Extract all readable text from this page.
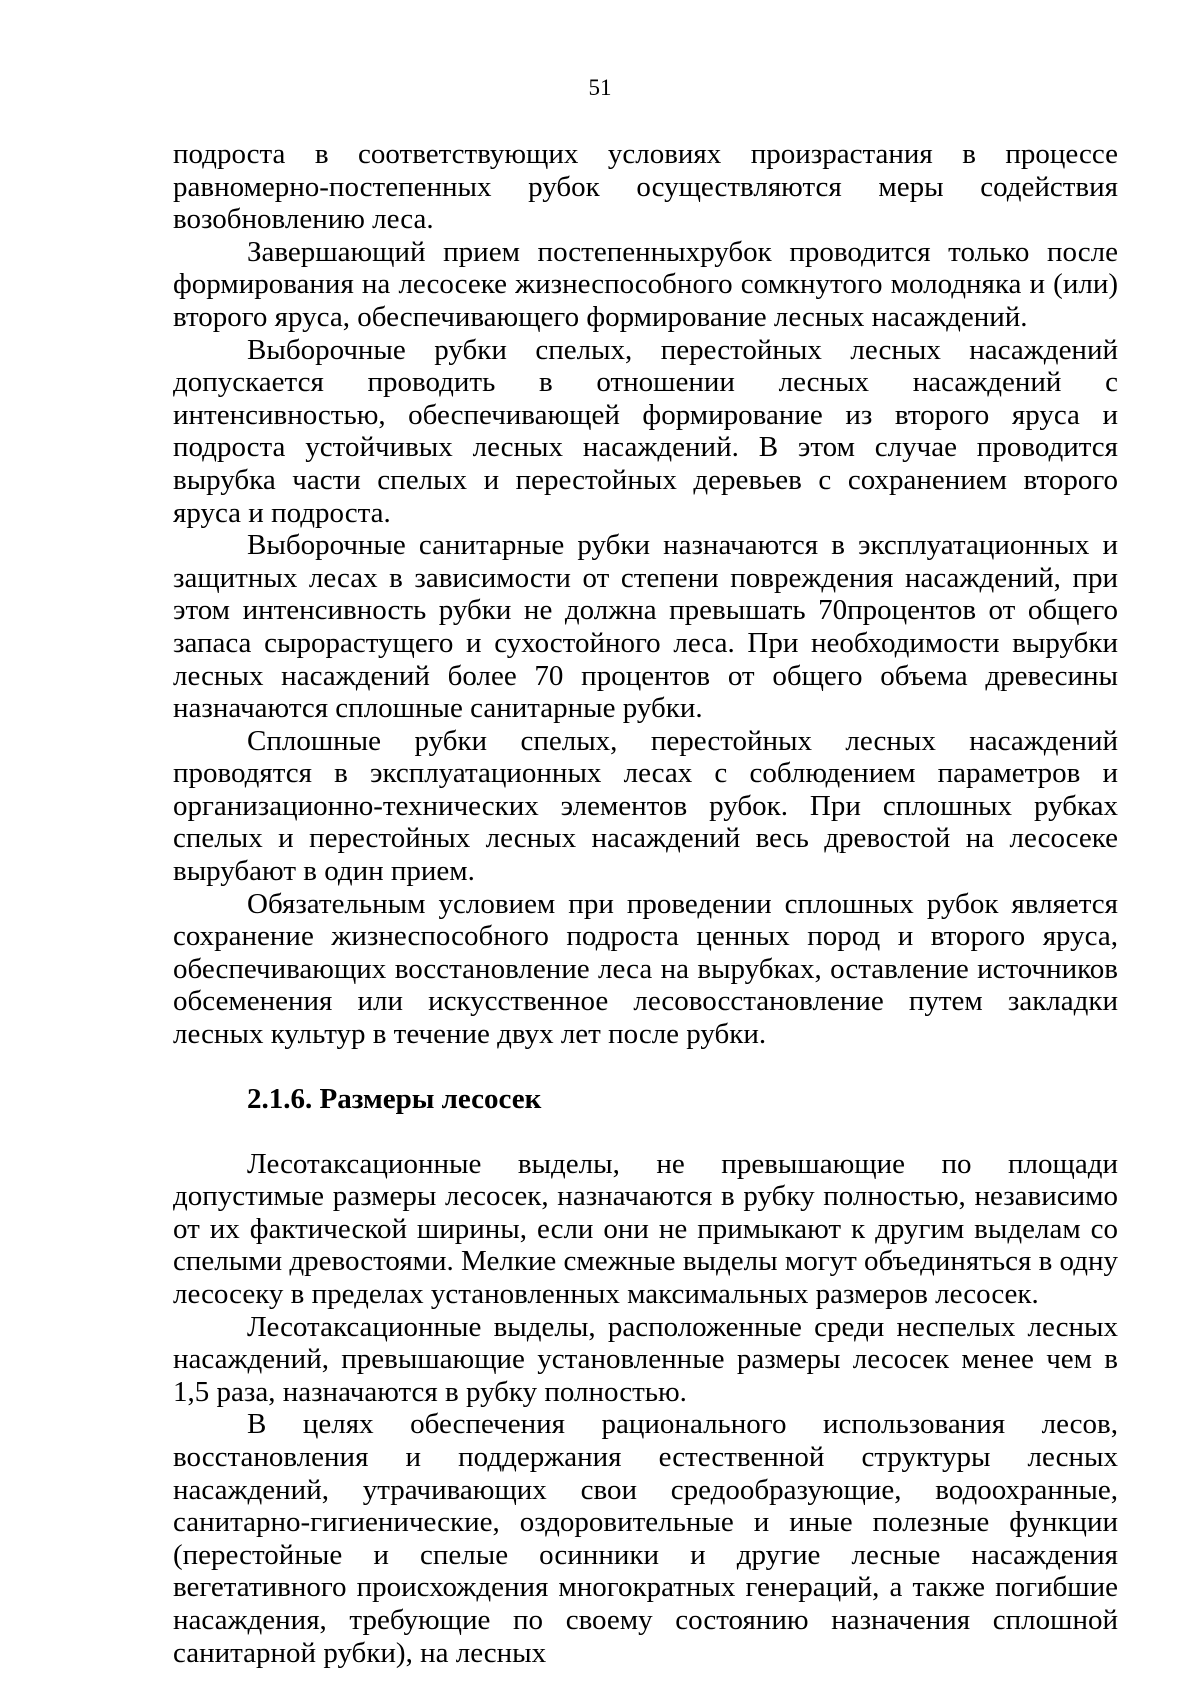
51

подроста в соответствующих условиях произрастания в процессе равномерно-постепенных рубок осуществляются меры содействия возобновлению леса.

Завершающий прием постепенныхрубок проводится только после формирования на лесосеке жизнеспособного сомкнутого молодняка и (или) второго яруса, обеспечивающего формирование лесных насаждений.

Выборочные рубки спелых, перестойных лесных насаждений допускается проводить в отношении лесных насаждений с интенсивностью, обеспечивающей формирование из второго яруса и подроста устойчивых лесных насаждений. В этом случае проводится вырубка части спелых и перестойных деревьев с сохранением второго яруса и подроста.

Выборочные санитарные рубки назначаются в эксплуатационных и защитных лесах в зависимости от степени повреждения насаждений, при этом интенсивность рубки не должна превышать 70процентов от общего запаса сырорастущего и сухостойного леса. При необходимости вырубки лесных насаждений более 70 процентов от общего объема древесины назначаются сплошные санитарные рубки.

Сплошные рубки спелых, перестойных лесных насаждений проводятся в эксплуатационных лесах с соблюдением параметров и организационно-технических элементов рубок. При сплошных рубках спелых и перестойных лесных насаждений весь древостой на лесосеке вырубают в один прием.

Обязательным условием при проведении сплошных рубок является сохранение жизнеспособного подроста ценных пород и второго яруса, обеспечивающих восстановление леса на вырубках, оставление источников обсеменения или искусственное лесовосстановление путем закладки лесных культур в течение двух лет после рубки.

2.1.6. Размеры лесосек

Лесотаксационные выделы, не превышающие по площади допустимые размеры лесосек, назначаются в рубку полностью, независимо от их фактической ширины, если они не примыкают к другим выделам со спелыми древостоями. Мелкие смежные выделы могут объединяться в одну лесосеку в пределах установленных максимальных размеров лесосек.

Лесотаксационные выделы, расположенные среди неспелых лесных насаждений, превышающие установленные размеры лесосек менее чем в 1,5 раза, назначаются в рубку полностью.

В целях обеспечения рационального использования лесов, восстановления и поддержания естественной структуры лесных насаждений, утрачивающих свои средообразующие, водоохранные, санитарно-гигиенические, оздоровительные и иные полезные функции (перестойные и спелые осинники и другие лесные насаждения вегетативного происхождения многократных генераций, а также погибшие насаждения, требующие по своему состоянию назначения сплошной санитарной рубки), на лесных
